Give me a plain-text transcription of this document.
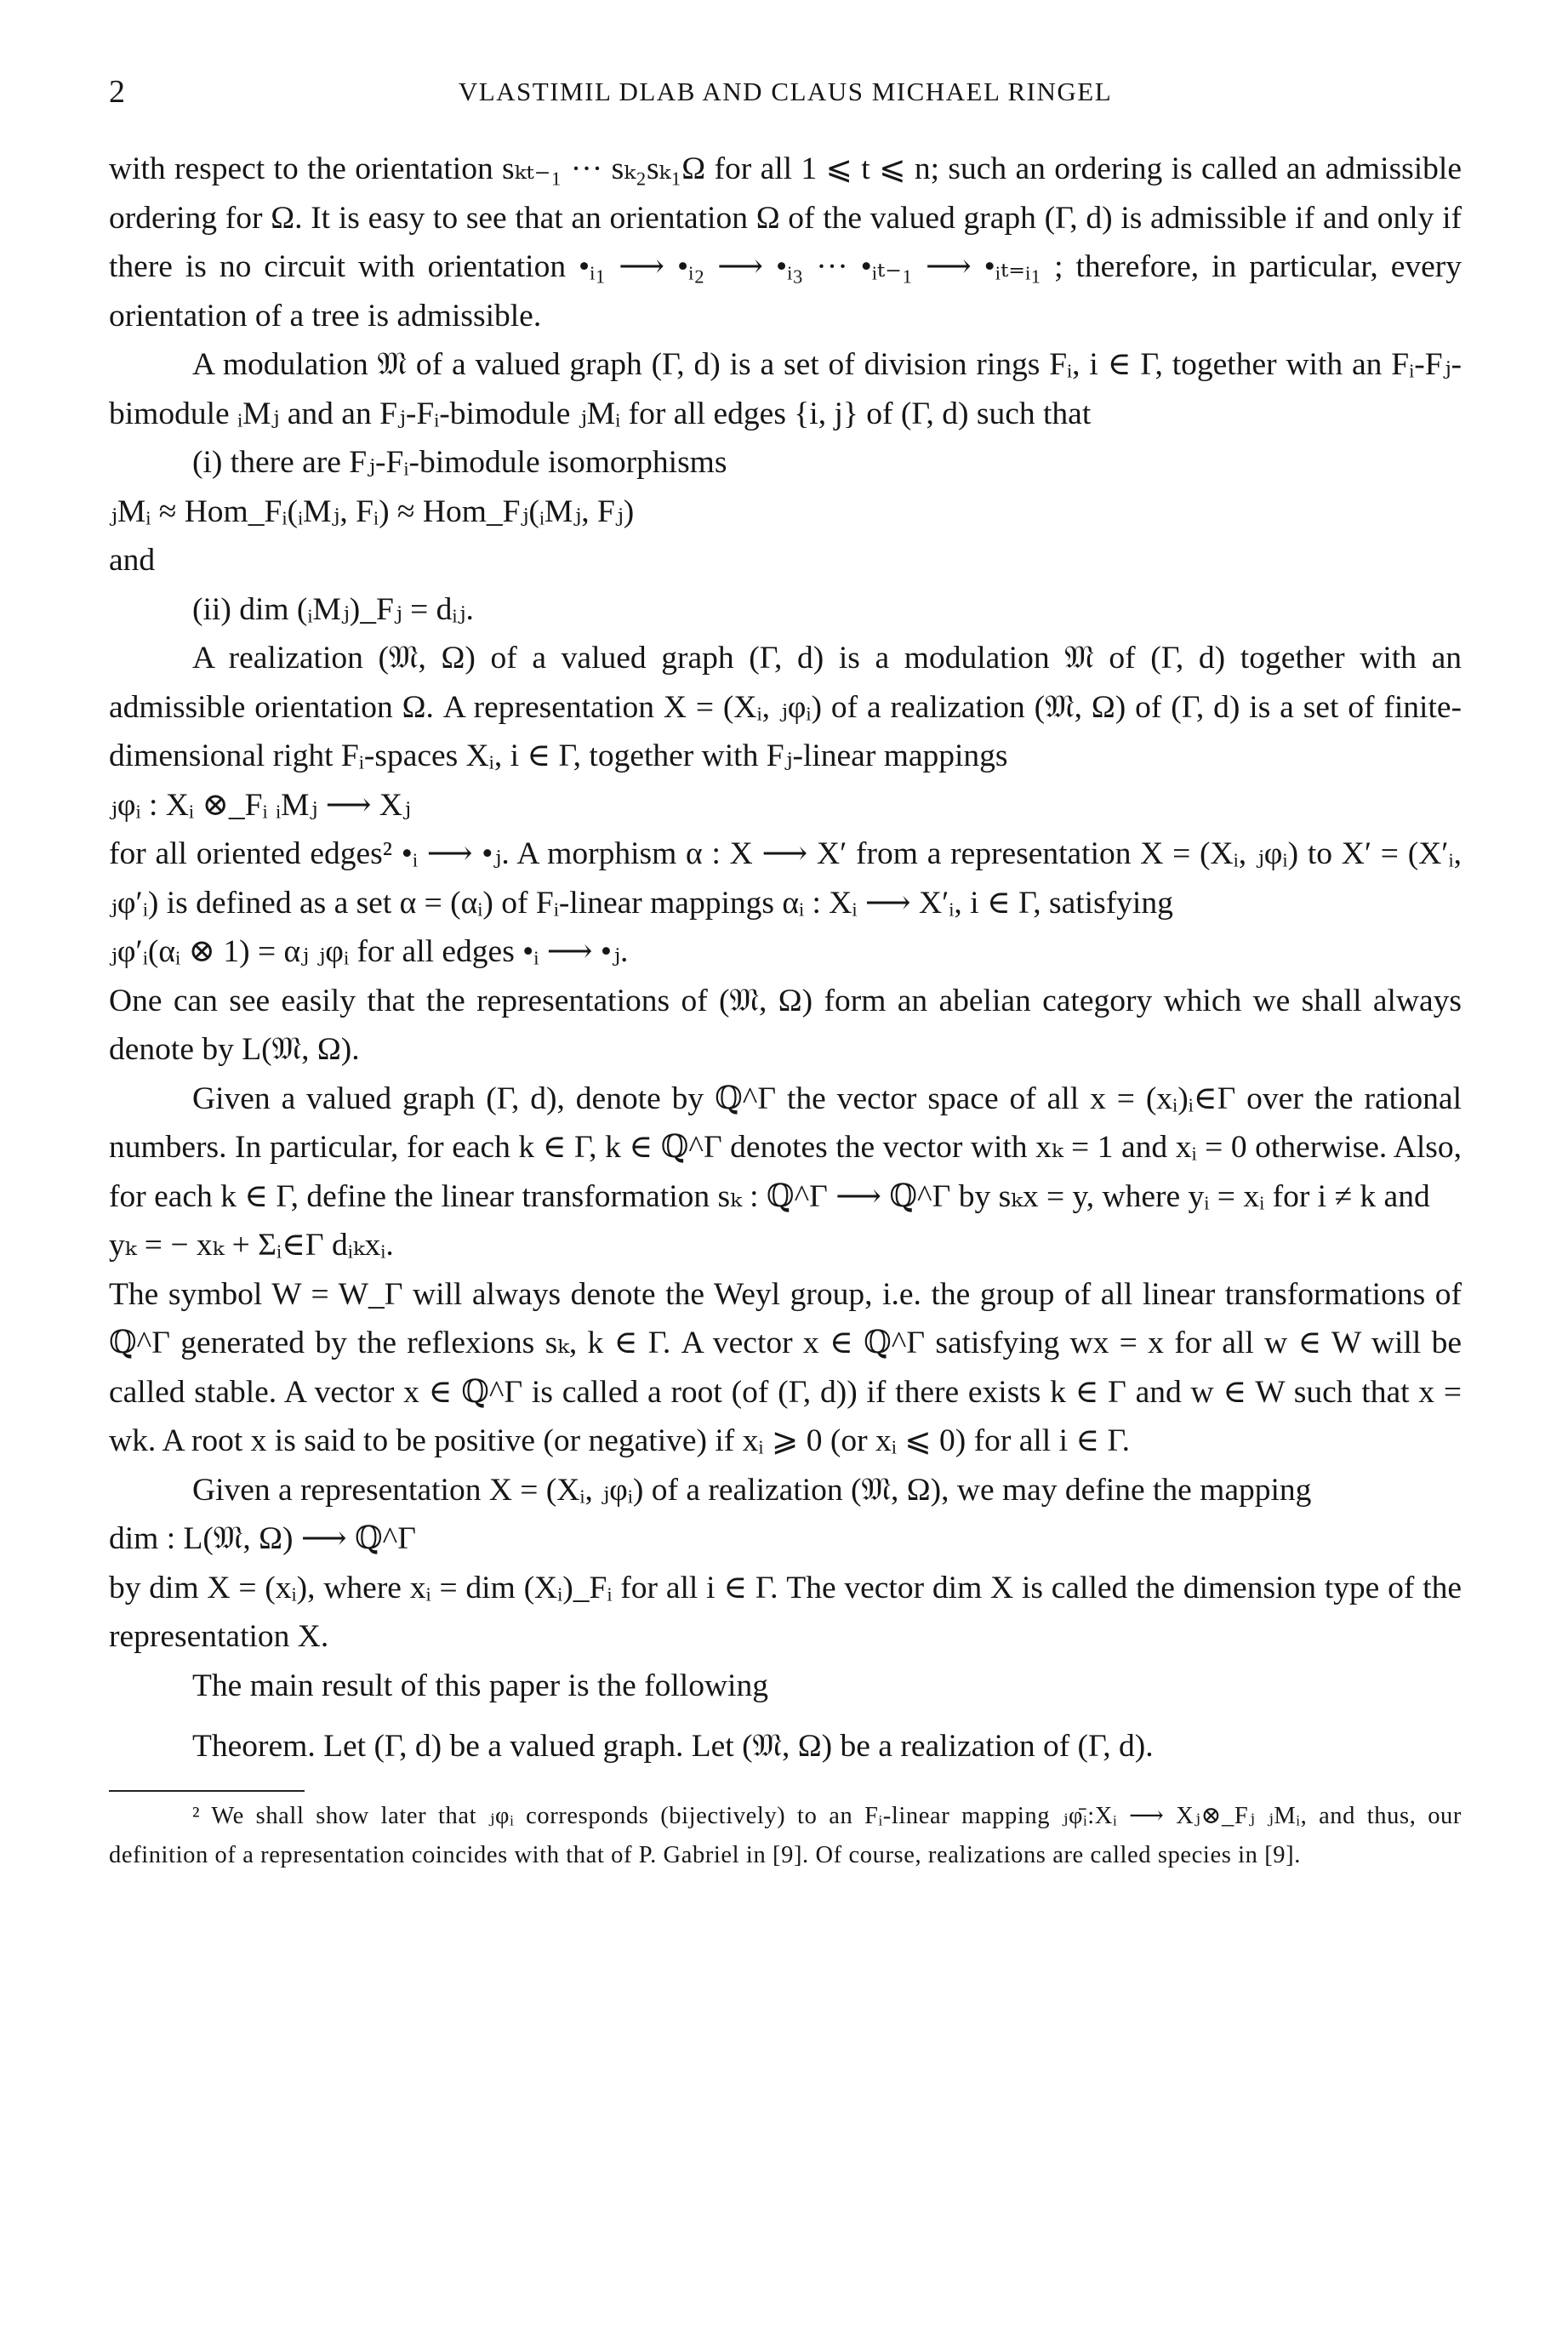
2	VLASTIMIL DLAB AND CLAUS MICHAEL RINGEL

with respect to the orientation sₖₜ₋₁ ··· sₖ₂sₖ₁Ω for all 1 ⩽ t ⩽ n; such an ordering is called an admissible ordering for Ω. It is easy to see that an orientation Ω of the valued graph (Γ, d) is admissible if and only if there is no circuit with orientation •ᵢ₁ ⟶ •ᵢ₂ ⟶ •ᵢ₃ ··· •ᵢₜ₋₁ ⟶ •ᵢₜ₌ᵢ₁ ; therefore, in particular, every orientation of a tree is admissible.

A modulation 𝔐 of a valued graph (Γ, d) is a set of division rings Fᵢ, i ∈ Γ, together with an Fᵢ-Fⱼ-bimodule ᵢMⱼ and an Fⱼ-Fᵢ-bimodule ⱼMᵢ for all edges {i, j} of (Γ, d) such that

(i) there are Fⱼ-Fᵢ-bimodule isomorphisms

ⱼMᵢ ≈ Hom_Fᵢ(ᵢMⱼ, Fᵢ) ≈ Hom_Fⱼ(ᵢMⱼ, Fⱼ)

and

(ii) dim (ᵢMⱼ)_Fⱼ = dᵢⱼ.

A realization (𝔐, Ω) of a valued graph (Γ, d) is a modulation 𝔐 of (Γ, d) together with an admissible orientation Ω. A representation X = (Xᵢ, ⱼφᵢ) of a realization (𝔐, Ω) of (Γ, d) is a set of finite-dimensional right Fᵢ-spaces Xᵢ, i ∈ Γ, together with Fⱼ-linear mappings

ⱼφᵢ : Xᵢ ⊗_Fᵢ ᵢMⱼ ⟶ Xⱼ

for all oriented edges² •ᵢ ⟶ •ⱼ. A morphism α : X ⟶ X′ from a representation X = (Xᵢ, ⱼφᵢ) to X′ = (X′ᵢ, ⱼφ′ᵢ) is defined as a set α = (αᵢ) of Fᵢ-linear mappings αᵢ : Xᵢ ⟶ X′ᵢ, i ∈ Γ, satisfying

ⱼφ′ᵢ(αᵢ ⊗ 1) = αⱼ ⱼφᵢ for all edges •ᵢ ⟶ •ⱼ.

One can see easily that the representations of (𝔐, Ω) form an abelian category which we shall always denote by L(𝔐, Ω).

Given a valued graph (Γ, d), denote by ℚ^Γ the vector space of all x = (xᵢ)ᵢ∈Γ over the rational numbers. In particular, for each k ∈ Γ, k ∈ ℚ^Γ denotes the vector with xₖ = 1 and xᵢ = 0 otherwise. Also, for each k ∈ Γ, define the linear transformation sₖ : ℚ^Γ ⟶ ℚ^Γ by sₖx = y, where yᵢ = xᵢ for i ≠ k and

yₖ = − xₖ + Σᵢ∈Γ dᵢₖxᵢ.

The symbol W = W_Γ will always denote the Weyl group, i.e. the group of all linear transformations of ℚ^Γ generated by the reflexions sₖ, k ∈ Γ. A vector x ∈ ℚ^Γ satisfying wx = x for all w ∈ W will be called stable. A vector x ∈ ℚ^Γ is called a root (of (Γ, d)) if there exists k ∈ Γ and w ∈ W such that x = wk. A root x is said to be positive (or negative) if xᵢ ⩾ 0 (or xᵢ ⩽ 0) for all i ∈ Γ.

Given a representation X = (Xᵢ, ⱼφᵢ) of a realization (𝔐, Ω), we may define the mapping

dim : L(𝔐, Ω) ⟶ ℚ^Γ

by dim X = (xᵢ), where xᵢ = dim (Xᵢ)_Fᵢ for all i ∈ Γ. The vector dim X is called the dimension type of the representation X.

The main result of this paper is the following

Theorem. Let (Γ, d) be a valued graph. Let (𝔐, Ω) be a realization of (Γ, d).

² We shall show later that ⱼφᵢ corresponds (bijectively) to an Fᵢ-linear mapping ⱼφ̄ᵢ:Xᵢ ⟶ Xⱼ⊗_Fⱼ ⱼMᵢ, and thus, our definition of a representation coincides with that of P. Gabriel in [9]. Of course, realizations are called species in [9].
